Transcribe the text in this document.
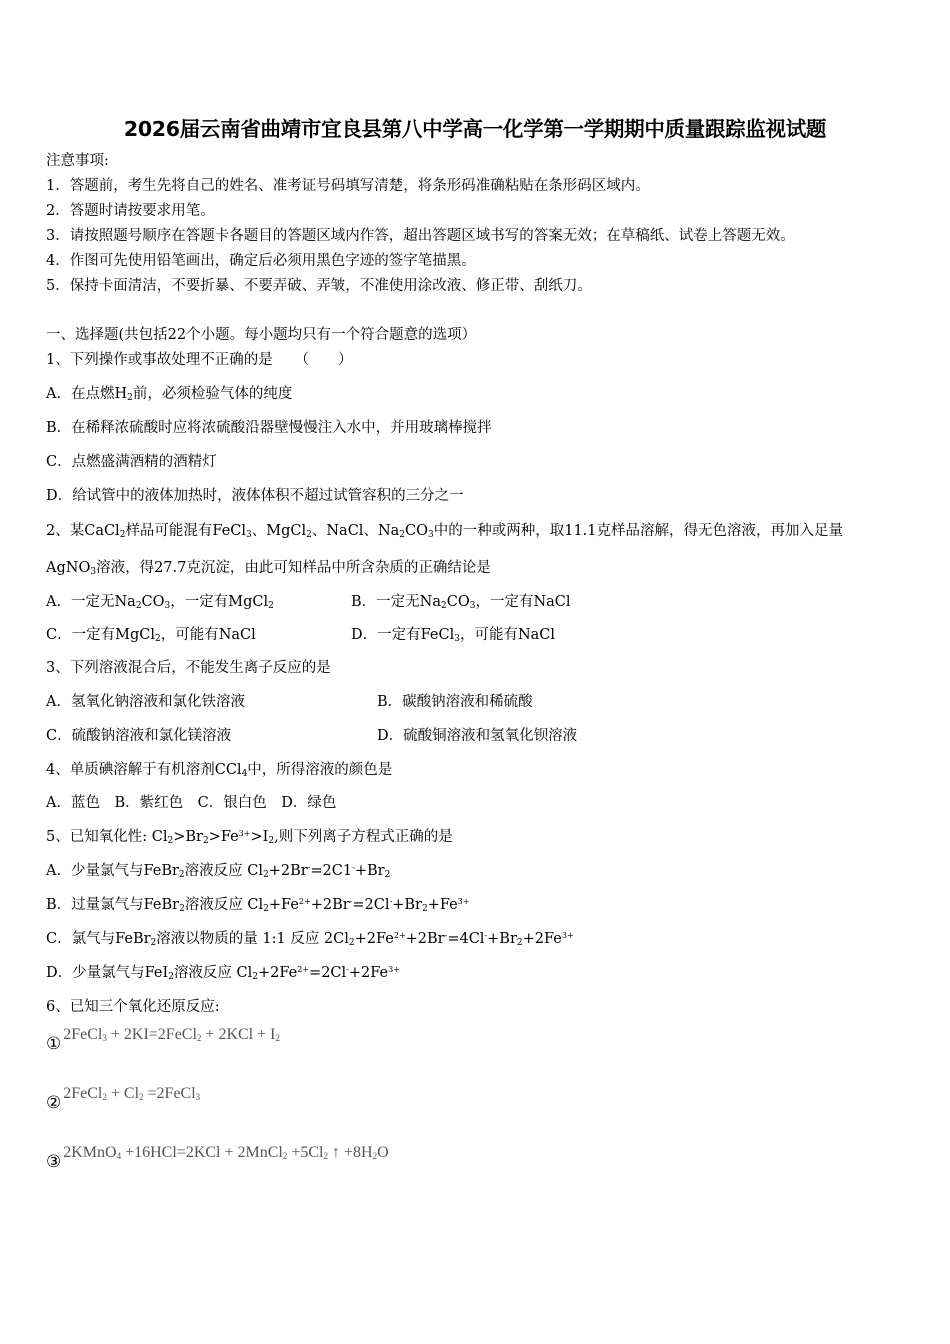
2026届云南省曲靖市宜良县第八中学高一化学第一学期期中质量跟踪监视试题
注意事项:
1．答题前，考生先将自己的姓名、准考证号码填写清楚，将条形码准确粘贴在条形码区域内。
2．答题时请按要求用笔。
3．请按照题号顺序在答题卡各题目的答题区域内作答，超出答题区域书写的答案无效；在草稿纸、试卷上答题无效。
4．作图可先使用铅笔画出，确定后必须用黑色字迹的签字笔描黑。
5．保持卡面清洁，不要折暴、不要弄破、弄皱，不准使用涂改液、修正带、刮纸刀。
一、选择题(共包括22个小题。每小题均只有一个符合题意的选项）
1、下列操作或事故处理不正确的是　　（　　）
A．在点燃$H_2$前，必须检验气体的纯度
B．在稀释浓硫酸时应将浓硫酸沿器壁慢慢注入水中，并用玻璃棒搅拌
C．点燃盛满酒精的酒精灯
D．给试管中的液体加热时，液体体积不超过试管容积的三分之一
2、某CaCl$_2$样品可能混有FeCl$_3$、MgCl$_2$、NaCl、$Na_2CO_3$中的一种或两种，取11.1克样品溶解，得无色溶液，再加入足量
AgNO$_3$溶液，得27.7克沉淀，由此可知样品中所含杂质的正确结论是
A．一定无$Na_2CO_3$，一定有MgCl$_2$	B．一定无$Na_2CO_3$，一定有NaCl
C．一定有MgCl$_2$，可能有NaCl	D．一定有FeCl$_3$，可能有NaCl
3、下列溶液混合后，不能发生离子反应的是
A．氢氧化钠溶液和氯化铁溶液	B．碳酸钠溶液和稀硫酸
C．硫酸钠溶液和氯化镁溶液	D．硫酸铜溶液和氢氧化钡溶液
4、单质碘溶解于有机溶剂CCl$_4$中，所得溶液的颜色是
A．蓝色　B．紫红色　C．银白色　D．绿色
5、已知氧化性: $Cl_2>Br_2>Fe^{3+}>I_2$,则下列离子方程式正确的是
A．少量氯气与FeBr$_2$溶液反应 $Cl_2+2Br^-=2C1^-+Br_2$
B．过量氯气与FeBr$_2$溶液反应 $Cl_2+Fe^{2+}+2Br^-=2Cl^-+Br_2+Fe^{3+}$
C．氯气与FeBr$_2$溶液以物质的量 1:1 反应 $2Cl_2+2Fe^{2+}+2Br^-=4Cl^-+Br_2+2Fe^{3+}$
D．少量氯气与FeI$_2$溶液反应 $Cl_2+2Fe^{2+}=2Cl^-+2Fe^{3+}$
6、已知三个氧化还原反应:
① 2FeCl$_3$ + 2KI=2FeCl$_2$ + $2KCl + I_2$
② 2FeCl$_2$ + $Cl_2$ =2FeCl$_3$
③ 2KMnO$_4$ +16HCl=2KCl + 2MnCl$_2$ $+5Cl_2$ ↑ $+8H_2O$
